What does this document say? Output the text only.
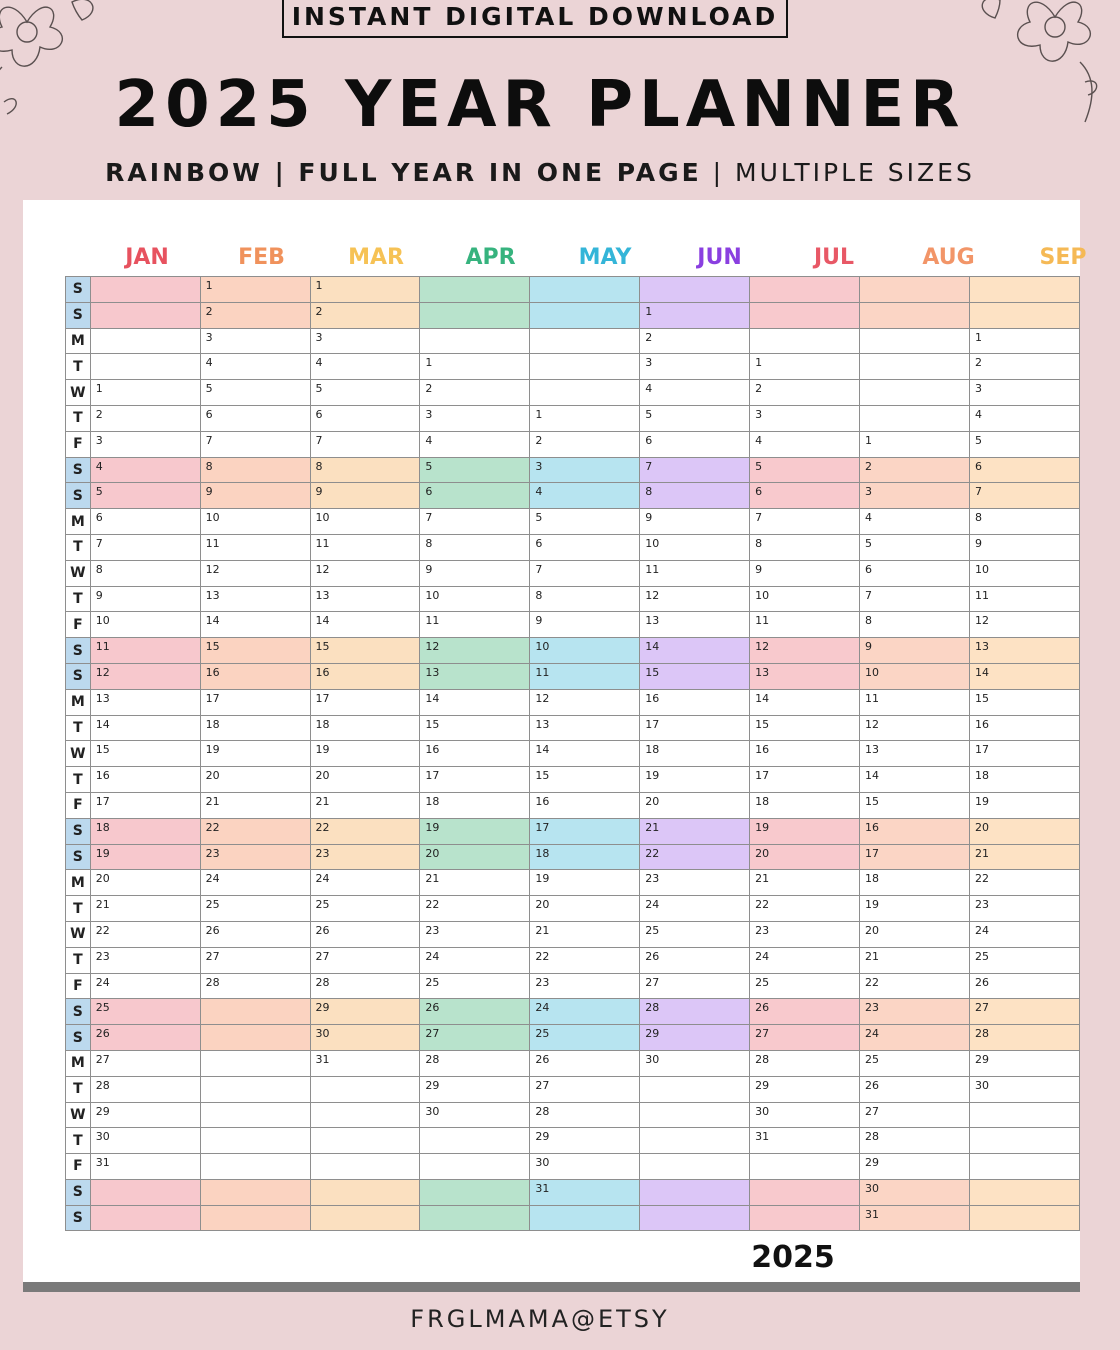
INSTANT DIGITAL DOWNLOAD
2025 YEAR PLANNER
RAINBOW | FULL YEAR IN ONE PAGE | MULTIPLE SIZES
JAN	FEB	MAR	APR	MAY	JUN	JUL	AUG	SEP
S		1	1						
S		2	2			1			
M		3	3			2			1
T		4	4	1		3	1		2
W	1	5	5	2		4	2		3
T	2	6	6	3	1	5	3		4
F	3	7	7	4	2	6	4	1	5
S	4	8	8	5	3	7	5	2	6
S	5	9	9	6	4	8	6	3	7
M	6	10	10	7	5	9	7	4	8
T	7	11	11	8	6	10	8	5	9
W	8	12	12	9	7	11	9	6	10
T	9	13	13	10	8	12	10	7	11
F	10	14	14	11	9	13	11	8	12
S	11	15	15	12	10	14	12	9	13
S	12	16	16	13	11	15	13	10	14
M	13	17	17	14	12	16	14	11	15
T	14	18	18	15	13	17	15	12	16
W	15	19	19	16	14	18	16	13	17
T	16	20	20	17	15	19	17	14	18
F	17	21	21	18	16	20	18	15	19
S	18	22	22	19	17	21	19	16	20
S	19	23	23	20	18	22	20	17	21
M	20	24	24	21	19	23	21	18	22
T	21	25	25	22	20	24	22	19	23
W	22	26	26	23	21	25	23	20	24
T	23	27	27	24	22	26	24	21	25
F	24	28	28	25	23	27	25	22	26
S	25		29	26	24	28	26	23	27
S	26		30	27	25	29	27	24	28
M	27		31	28	26	30	28	25	29
T	28			29	27		29	26	30
W	29			30	28		30	27	
T	30				29		31	28	
F	31				30			29	
S					31			30	
S								31	
2025
FRGLMAMA@ETSY
